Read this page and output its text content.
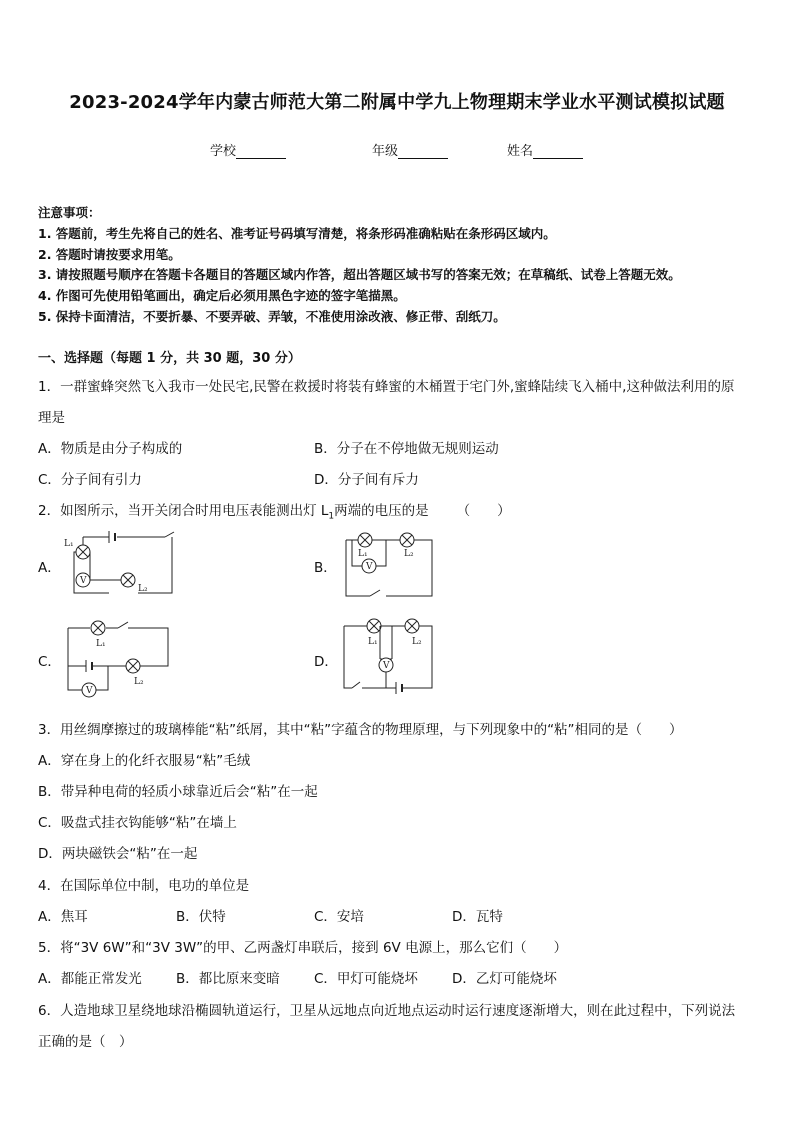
2023-2024学年内蒙古师范大第二附属中学九上物理期末学业水平测试模拟试题
学校	年级	姓名
注意事项：
1. 答题前，考生先将自己的姓名、准考证号码填写清楚，将条形码准确粘贴在条形码区域内。
2. 答题时请按要求用笔。
3. 请按照题号顺序在答题卡各题目的答题区域内作答，超出答题区域书写的答案无效；在草稿纸、试卷上答题无效。
4. 作图可先使用铅笔画出，确定后必须用黑色字迹的签字笔描黑。
5. 保持卡面清洁，不要折暴、不要弄破、弄皱，不准使用涂改液、修正带、刮纸刀。
一、选择题（每题 1 分，共 30 题，30 分）
1．一群蜜蜂突然飞入我市一处民宅,民警在救援时将装有蜂蜜的木桶置于宅门外,蜜蜂陆续飞入桶中,这种做法利用的原
理是
A．物质是由分子构成的	B．分子在不停地做无规则运动
C．分子间有引力	D．分子间有斥力
2．如图所示，当开关闭合时用电压表能测出灯 $L_1$两端的电压的是 （　　）
A．
V
L₁
L₂
B．	V
L₁	L₂
C．
V
L₁
L₂
D．	V
L₁	L₂
3．用丝绸摩擦过的玻璃棒能“粘”纸屑，其中“粘”字蕴含的物理原理，与下列现象中的“粘”相同的是（　　）
A．穿在身上的化纤衣服易“粘”毛绒
B．带异种电荷的轻质小球靠近后会“粘”在一起
C．吸盘式挂衣钩能够“粘”在墙上
D．两块磁铁会“粘”在一起
4．在国际单位中制，电功的单位是
A．焦耳	B．伏特	C．安培	D．瓦特
5．将“3V 6W”和“3V 3W”的甲、乙两盏灯串联后，接到 6V 电源上，那么它们（　　）
A．都能正常发光	B．都比原来变暗	C．甲灯可能烧坏	D．乙灯可能烧坏
6．人造地球卫星绕地球沿椭圆轨道运行，卫星从远地点向近地点运动时运行速度逐渐增大，则在此过程中，下列说法
正确的是（　）
